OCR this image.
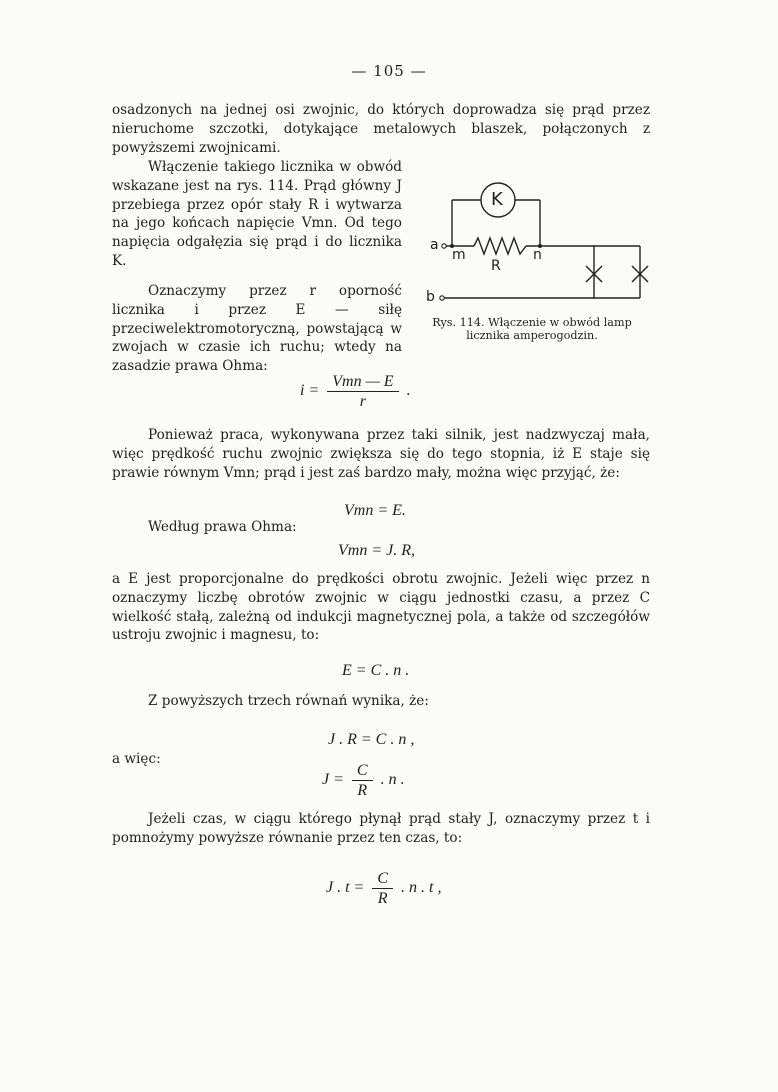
— 105 —
osadzonych na jednej osi zwojnic, do których doprowadza się prąd przez nieruchome szczotki, dotykające metalowych blaszek, połączonych z powyższemi zwojnicami.
Włączenie takiego licznika w obwód wskazane jest na rys. 114. Prąd główny J przebiega przez opór stały R i wytwarza na jego końcach napięcie Vmn. Od tego napięcia odgałęzia się prąd i do licznika K.
Oznaczymy przez r oporność licznika i przez E — siłę przeciwelektromotoryczną, powstającą w zwojach w czasie ich ruchu; wtedy na zasadzie prawa Ohma:
K
a
b
m	n
R
Rys. 114. Włączenie w obwód lamp licznika amperogodzin.
$i = \frac{\text{Vmn — E}}{r}$ .
Ponieważ praca, wykonywana przez taki silnik, jest nadzwyczaj mała, więc prędkość ruchu zwojnic zwiększa się do tego stopnia, iż E staje się prawie równym Vmn; prąd i jest zaś bardzo mały, można więc przyjąć, że:
Vmn = E.
Według prawa Ohma:
Vmn = J. R,
a E jest proporcjonalne do prędkości obrotu zwojnic. Jeżeli więc przez n oznaczymy liczbę obrotów zwojnic w ciągu jednostki czasu, a przez C wielkość stałą, zależną od indukcji magnetycznej pola, a także od szczegółów ustroju zwojnic i magnesu, to:
E = C . n .
Z powyższych trzech równań wynika, że:
J . R = C . n ,
a więc:
$J = \frac{C}{R}$ . n .
Jeżeli czas, w ciągu którego płynął prąd stały J, oznaczymy przez t i pomnożymy powyższe równanie przez ten czas, to:
J . $t = \frac{C}{R}$ . n . t ,
